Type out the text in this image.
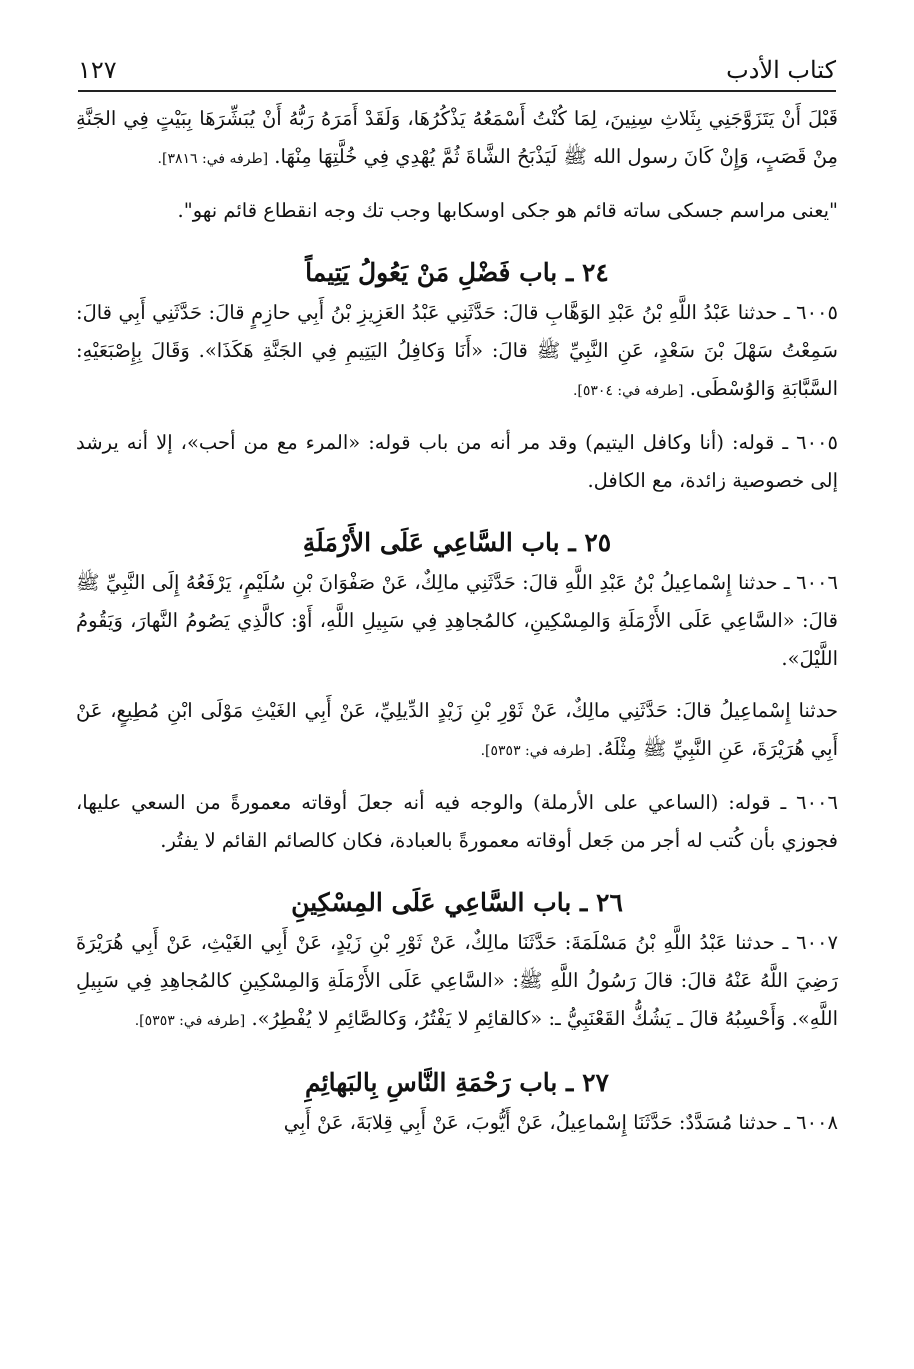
كتاب الأدب
١٢٧

قَبْلَ أَنْ يَتَزَوَّجَنِي بِثَلاثِ سِنِينَ، لِمَا كُنْتُ أَسْمَعُهُ يَذْكُرُهَا، وَلَقَدْ أَمَرَهُ رَبُّهُ أَنْ يُبَشِّرَهَا بِبَيْتٍ فِي الجَنَّةِ مِنْ قَصَبٍ، وَإِنْ كَانَ رسول الله ﷺ لَيَذْبَحُ الشَّاةَ ثُمَّ يُهْدِي فِي خُلَّتِهَا مِنْهَا. [طرفه في: ٣٨١٦].

"يعنى مراسم جسكى ساته قائم هو جكى اوسكابها وجب تك وجه انقطاع قائم نهو".

٢٤ ـ باب فَضْلِ مَنْ يَعُولُ يَتِيماً

٦٠٠٥ ـ حدثنا عَبْدُ اللَّهِ بْنُ عَبْدِ الوَهَّابِ قالَ: حَدَّثَنِي عَبْدُ العَزِيزِ بْنُ أَبِي حازِمٍ قالَ: حَدَّثَنِي أَبِي قالَ: سَمِعْتُ سَهْلَ بْنَ سَعْدٍ، عَنِ النَّبِيِّ ﷺ قالَ: «أَنَا وَكافِلُ اليَتِيمِ فِي الجَنَّةِ هَكَذَا». وَقَالَ بِإِصْبَعَيْهِ: السَّبَّابَةِ وَالوُسْطَى. [طرفه في: ٥٣٠٤].

٦٠٠٥ ـ قوله: (أنا وكافل اليتيم) وقد مر أنه من باب قوله: «المرء مع من أحب»، إلا أنه يرشد إلى خصوصية زائدة، مع الكافل.

٢٥ ـ باب السَّاعِي عَلَى الأَرْمَلَةِ

٦٠٠٦ ـ حدثنا إِسْماعِيلُ بْنُ عَبْدِ اللَّهِ قالَ: حَدَّثَنِي مالِكٌ، عَنْ صَفْوَانَ بْنِ سُلَيْمٍ، يَرْفَعُهُ إِلَى النَّبِيِّ ﷺ قالَ: «السَّاعِي عَلَى الأَرْمَلَةِ وَالمِسْكِينِ، كالمُجاهِدِ فِي سَبِيلِ اللَّهِ، أَوْ: كالَّذِي يَصُومُ النَّهارَ، وَيَقُومُ اللَّيْلَ».

حدثنا إِسْماعِيلُ قالَ: حَدَّثَنِي مالِكٌ، عَنْ ثَوْرِ بْنِ زَيْدٍ الدِّيلِيِّ، عَنْ أَبِي الغَيْثِ مَوْلَى ابْنِ مُطِيعٍ، عَنْ أَبِي هُرَيْرَةَ، عَنِ النَّبِيِّ ﷺ مِثْلَهُ. [طرفه في: ٥٣٥٣].

٦٠٠٦ ـ قوله: (الساعي على الأرملة) والوجه فيه أنه جعلَ أوقاته معمورةً من السعي عليها، فجوزي بأن كُتب له أجر من جَعل أوقاته معمورةً بالعبادة، فكان كالصائم القائم لا يفتُر.

٢٦ ـ باب السَّاعِي عَلَى المِسْكِينِ

٦٠٠٧ ـ حدثنا عَبْدُ اللَّهِ بْنُ مَسْلَمَةَ: حَدَّثَنَا مالِكٌ، عَنْ ثَوْرِ بْنِ زَيْدٍ، عَنْ أَبِي الغَيْثِ، عَنْ أَبِي هُرَيْرَةَ رَضِيَ اللَّهُ عَنْهُ قالَ: قالَ رَسُولُ اللَّهِ ﷺ: «السَّاعِي عَلَى الأَرْمَلَةِ وَالمِسْكِينِ كالمُجاهِدِ فِي سَبِيلِ اللَّهِ». وَأَحْسِبُهُ قالَ ـ يَشُكُّ القَعْنَبِيُّ ـ: «كالقائِمِ لا يَفْتُرُ، وَكالصَّائِمِ لا يُفْطِرُ». [طرفه في: ٥٣٥٣].

٢٧ ـ باب رَحْمَةِ النَّاسِ بِالبَهائِمِ

٦٠٠٨ ـ حدثنا مُسَدَّدٌ: حَدَّثَنَا إِسْماعِيلُ، عَنْ أَيُّوبَ، عَنْ أَبِي قِلابَةَ، عَنْ أَبِي
